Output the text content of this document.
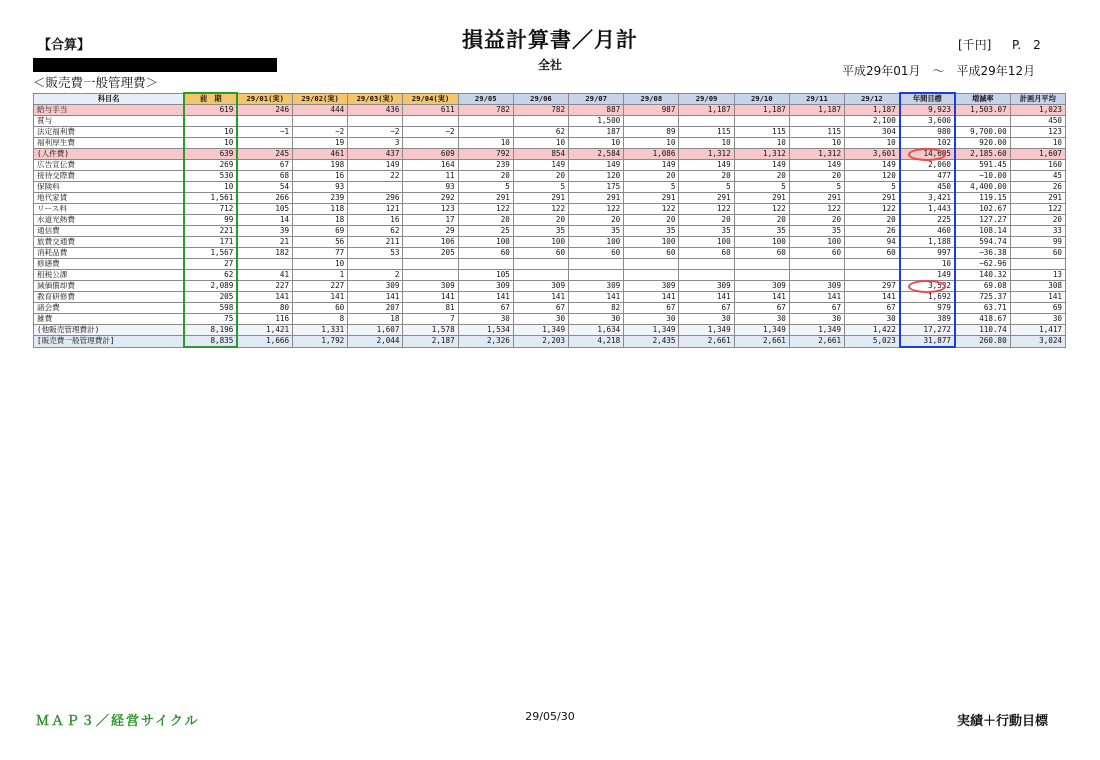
【合算】	損益計算書／月計
全社
[千円] P.　2
平成29年01月　～　平成29年12月
＜販売費一般管理費＞
科目名	前　期	29/01(実)	29/02(実)	29/03(実)	29/04(実)	29/05	29/06	29/07	29/08	29/09	29/10	29/11	29/12	年間目標	増減率	計画月平均
給与手当	619	246	444	436	611	782	782	887	987	1,187	1,187	1,187	1,187	9,923	1,503.07	1,023
賞与								1,500					2,100	3,600		450
法定福利費	10	−1	−2	−2	−2		62	187	89	115	115	115	304	980	9,700.00	123
福利厚生費	10		19	3		10	10	10	10	10	10	10	10	102	920.00	10
(人件費)	639	245	461	437	609	792	854	2,584	1,086	1,312	1,312	1,312	3,601	14,605	2,185.60	1,607
広告宣伝費	269	67	198	149	164	239	149	149	149	149	149	149	149	2,060	591.45	160
接待交際費	530	68	16	22	11	20	20	120	20	20	20	20	120	477	−10.00	45
保険料	10	54	93		93	5	5	175	5	5	5	5	5	450	4,400.00	26
地代家賃	1,561	266	239	296	292	291	291	291	291	291	291	291	291	3,421	119.15	291
リース料	712	105	118	121	123	122	122	122	122	122	122	122	122	1,443	102.67	122
水道光熱費	99	14	18	16	17	20	20	20	20	20	20	20	20	225	127.27	20
通信費	221	39	69	62	29	25	35	35	35	35	35	35	26	460	108.14	33
旅費交通費	171	21	56	211	106	100	100	100	100	100	100	100	94	1,188	594.74	99
消耗品費	1,567	182	77	53	205	60	60	60	60	60	60	60	60	997	−36.38	60
修繕費	27		10											10	−62.96	
租税公課	62	41	1	2		105								149	140.32	13
減価償却費	2,089	227	227	309	309	309	309	309	309	309	309	309	297	3,532	69.08	308
教育研修費	205	141	141	141	141	141	141	141	141	141	141	141	141	1,692	725.37	141
諸会費	598	80	60	207	81	67	67	82	67	67	67	67	67	979	63.71	69
雑費	75	116	8	18	7	30	30	30	30	30	30	30	30	389	418.67	30
(他販売管理費計)	8,196	1,421	1,331	1,607	1,578	1,534	1,349	1,634	1,349	1,349	1,349	1,349	1,422	17,272	110.74	1,417
[販売費一般管理費計]	8,835	1,666	1,792	2,044	2,187	2,326	2,203	4,218	2,435	2,661	2,661	2,661	5,023	31,877	260.80	3,024
ＭＡＰ３／経営サイクル	29/05/30	実績＋行動目標
